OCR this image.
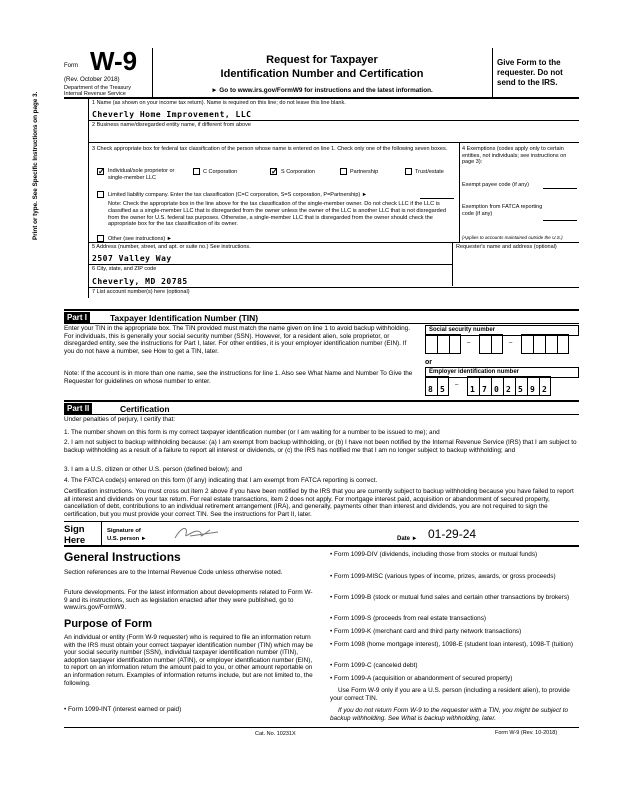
Form W-9
(Rev. October 2018)
Department of the Treasury
Internal Revenue Service
Request for Taxpayer
Identification Number and Certification
► Go to www.irs.gov/FormW9 for instructions and the latest information.
Give Form to the requester. Do not send to the IRS.
Print or type. See Specific Instructions on page 3.	1 Name (as shown on your income tax return). Name is required on this line; do not leave this line blank.
Cheverly Home Improvement, LLC
2 Business name/disregarded entity name, if different from above
3 Check appropriate box for federal tax classification of the person whose name is entered on line 1. Check only one of the following seven boxes.
✓ Individual/sole proprietor or single-member LLC
C Corporation	✓ S Corporation	Partnership	Trust/estate
Limited liability company. Enter the tax classification (C=C corporation, S=S corporation, P=Partnership) ►
Note: Check the appropriate box in the line above for the tax classification of the single-member owner. Do not check LLC if the LLC is classified as a single-member LLC that is disregarded from the owner unless the owner of the LLC is another LLC that is not disregarded from the owner for U.S. federal tax purposes. Otherwise, a single-member LLC that is disregarded from the owner should check the appropriate box for the tax classification of its owner.
Other (see instructions) ►
4 Exemptions (codes apply only to certain entities, not individuals; see instructions on page 3):
Exempt payee code (if any)
Exemption from FATCA reporting code (if any)
(Applies to accounts maintained outside the U.S.)
5 Address (number, street, and apt. or suite no.) See instructions.
2507 Valley Way
Requester's name and address (optional)
6 City, state, and ZIP code
Cheverly, MD 20785
7 List account number(s) here (optional)
Part I	Taxpayer Identification Number (TIN)
Enter your TIN in the appropriate box. The TIN provided must match the name given on line 1 to avoid backup withholding. For individuals, this is generally your social security number (SSN). However, for a resident alien, sole proprietor, or disregarded entity, see the instructions for Part I, later. For other entities, it is your employer identification number (EIN). If you do not have a number, see How to get a TIN, later.
Note: If the account is in more than one name, see the instructions for line 1. Also see What Name and Number To Give the Requester for guidelines on whose number to enter.
Social security number
–	–
or
Employer identification number
–
8 5	1 7 0 2 5 9 2
Part II	Certification
Under penalties of perjury, I certify that:
1. The number shown on this form is my correct taxpayer identification number (or I am waiting for a number to be issued to me); and
2. I am not subject to backup withholding because: (a) I am exempt from backup withholding, or (b) I have not been notified by the Internal Revenue Service (IRS) that I am subject to backup withholding as a result of a failure to report all interest or dividends, or (c) the IRS has notified me that I am no longer subject to backup withholding; and
3. I am a U.S. citizen or other U.S. person (defined below); and
4. The FATCA code(s) entered on this form (if any) indicating that I am exempt from FATCA reporting is correct.
Certification instructions. You must cross out item 2 above if you have been notified by the IRS that you are currently subject to backup withholding because you have failed to report all interest and dividends on your tax return. For real estate transactions, item 2 does not apply. For mortgage interest paid, acquisition or abandonment of secured property, cancellation of debt, contributions to an individual retirement arrangement (IRA), and generally, payments other than interest and dividends, you are not required to sign the certification, but you must provide your correct TIN. See the instructions for Part II, later.
Sign Here
Signature of U.S. person ►	Date ► 01-29-24
General Instructions
Section references are to the Internal Revenue Code unless otherwise noted.
Future developments. For the latest information about developments related to Form W-9 and its instructions, such as legislation enacted after they were published, go to www.irs.gov/FormW9.
Purpose of Form
An individual or entity (Form W-9 requester) who is required to file an information return with the IRS must obtain your correct taxpayer identification number (TIN) which may be your social security number (SSN), individual taxpayer identification number (ITIN), adoption taxpayer identification number (ATIN), or employer identification number (EIN), to report on an information return the amount paid to you, or other amount reportable on an information return. Examples of information returns include, but are not limited to, the following.
• Form 1099-INT (interest earned or paid)
• Form 1099-DIV (dividends, including those from stocks or mutual funds)
• Form 1099-MISC (various types of income, prizes, awards, or gross proceeds)
• Form 1099-B (stock or mutual fund sales and certain other transactions by brokers)
• Form 1099-S (proceeds from real estate transactions)
• Form 1099-K (merchant card and third party network transactions)
• Form 1098 (home mortgage interest), 1098-E (student loan interest), 1098-T (tuition)
• Form 1099-C (canceled debt)
• Form 1099-A (acquisition or abandonment of secured property)
Use Form W-9 only if you are a U.S. person (including a resident alien), to provide your correct TIN.
If you do not return Form W-9 to the requester with a TIN, you might be subject to backup withholding. See What is backup withholding, later.
Cat. No. 10231X	Form W-9 (Rev. 10-2018)
